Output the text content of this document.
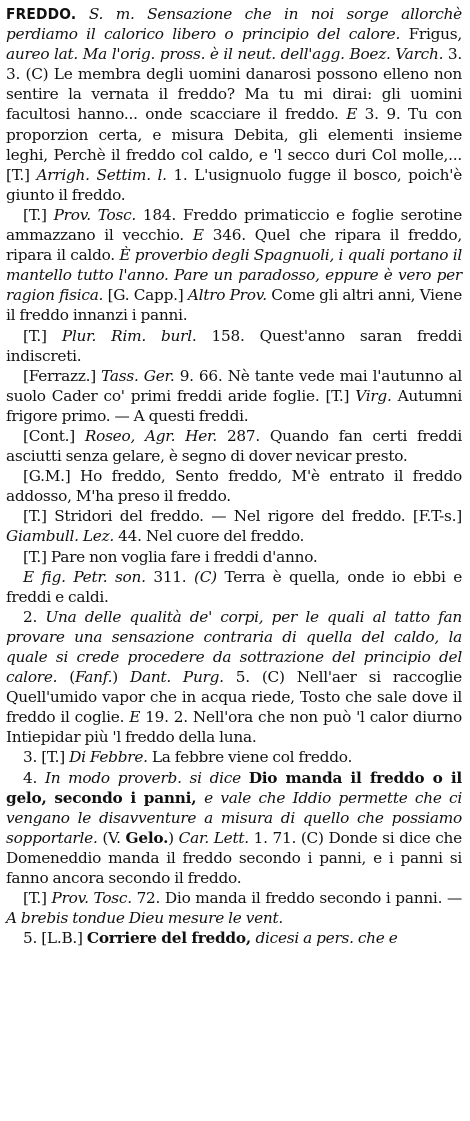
FREDDO. S. m. Sensazione che in noi sorge allorchè perdiamo il calorico libero o principio del calore. Frigus, aureo lat. Ma l'orig. pross. è il neut. dell'agg. Boez. Varch. 3. 3. (C) Le membra degli uomini danarosi possono elleno non sentire la vernata il freddo? Ma tu mi dirai: gli uomini facultosi hanno... onde scacciare il freddo. E 3. 9. Tu con proporzion certa, e misura Debita, gli elementi insieme leghi, Perchè il freddo col caldo, e 'l secco duri Col molle,... [T.] Arrigh. Settim. l. 1. L'usignuolo fugge il bosco, poich'è giunto il freddo.
[T.] Prov. Tosc. 184. Freddo primaticcio e foglie serotine ammazzano il vecchio. E 346. Quel che ripara il freddo, ripara il caldo. È proverbio degli Spagnuoli, i quali portano il mantello tutto l'anno. Pare un paradosso, eppure è vero per ragion fisica. [G. Capp.] Altro Prov. Come gli altri anni, Viene il freddo innanzi i panni.
[T.] Plur. Rim. burl. 158. Quest'anno saran freddi indiscreti.
[Ferrazz.] Tass. Ger. 9. 66. Nè tante vede mai l'autunno al suolo Cader co' primi freddi aride foglie. [T.] Virg. Autumni frigore primo. — A questi freddi.
[Cont.] Roseo, Agr. Her. 287. Quando fan certi freddi asciutti senza gelare, è segno di dover nevicar presto.
[G.M.] Ho freddo, Sento freddo, M'è entrato il freddo addosso, M'ha preso il freddo.
[T.] Stridori del freddo. — Nel rigore del freddo. [F.T-s.] Giambull. Lez. 44. Nel cuore del freddo.
[T.] Pare non voglia fare i freddi d'anno.
E fig. Petr. son. 311. (C) Terra è quella, onde io ebbi e freddi e caldi.
2. Una delle qualità de' corpi, per le quali al tatto fan provare una sensazione contraria di quella del caldo, la quale si crede procedere da sottrazione del principio del calore. (Fanf.) Dant. Purg. 5. (C) Nell'aer si raccoglie Quell'umido vapor che in acqua riede, Tosto che sale dove il freddo il coglie. E 19. 2. Nell'ora che non può 'l calor diurno Intiepidar più 'l freddo della luna.
3. [T.] Di Febbre. La febbre viene col freddo.
4. In modo proverb. si dice Dio manda il freddo o il gelo, secondo i panni, e vale che Iddio permette che ci vengano le disavventure a misura di quello che possiamo sopportarle. (V. Gelo.) Car. Lett. 1. 71. (C) Donde si dice che Domeneddio manda il freddo secondo i panni, e i panni si fanno ancora secondo il freddo.
[T.] Prov. Tosc. 72. Dio manda il freddo secondo i panni. — A brebis tondue Dieu mesure le vent.
5. [L.B.] Corriere del freddo, dicesi a pers. che e
